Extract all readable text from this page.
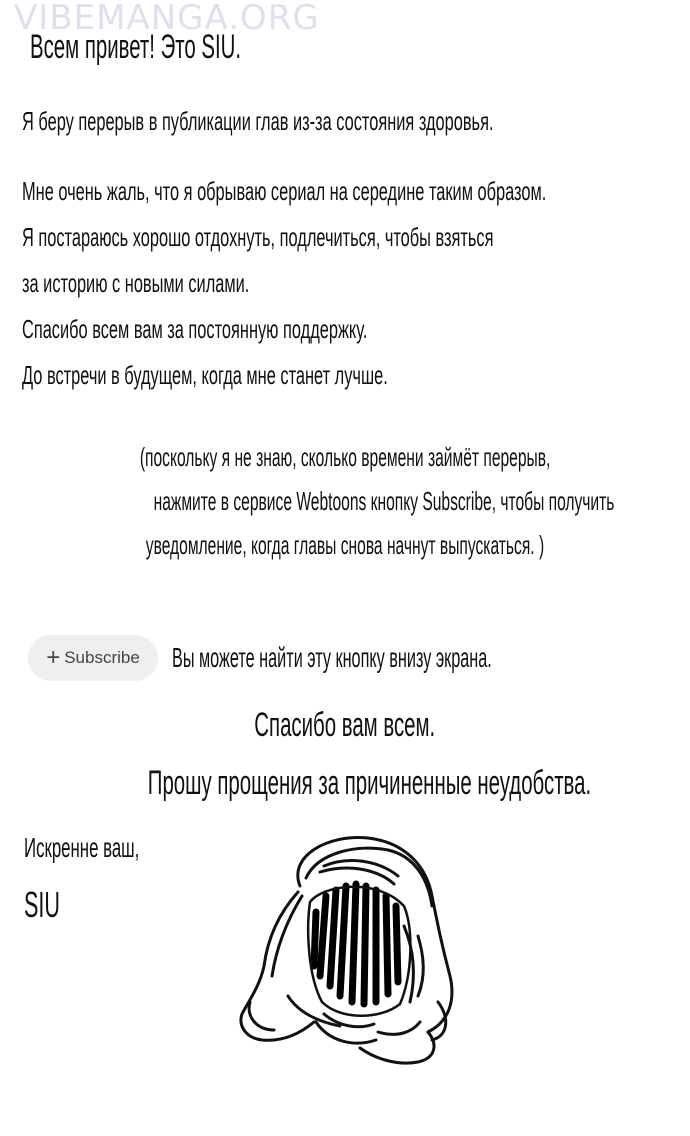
VIBEMANGA.ORG
Всем привет! Это SIU.
Я беру перерыв в публикации глав из-за состояния здоровья.
Мне очень жаль, что я обрываю сериал на середине таким образом.
Я постараюсь хорошо отдохнуть, подлечиться, чтобы взяться
за историю с новыми силами.
Спасибо всем вам за постоянную поддержку.
До встречи в будущем, когда мне станет лучше.
(поскольку я не знаю, сколько времени займёт перерыв,
нажмите в сервисе Webtoons кнопку Subscribe, чтобы получить
уведомление, когда главы снова начнут выпускаться. )
+ Subscribe Вы можете найти эту кнопку внизу экрана.
Спасибо вам всем.
Прошу прощения за причиненные неудобства.
Искренне ваш,
SIU
